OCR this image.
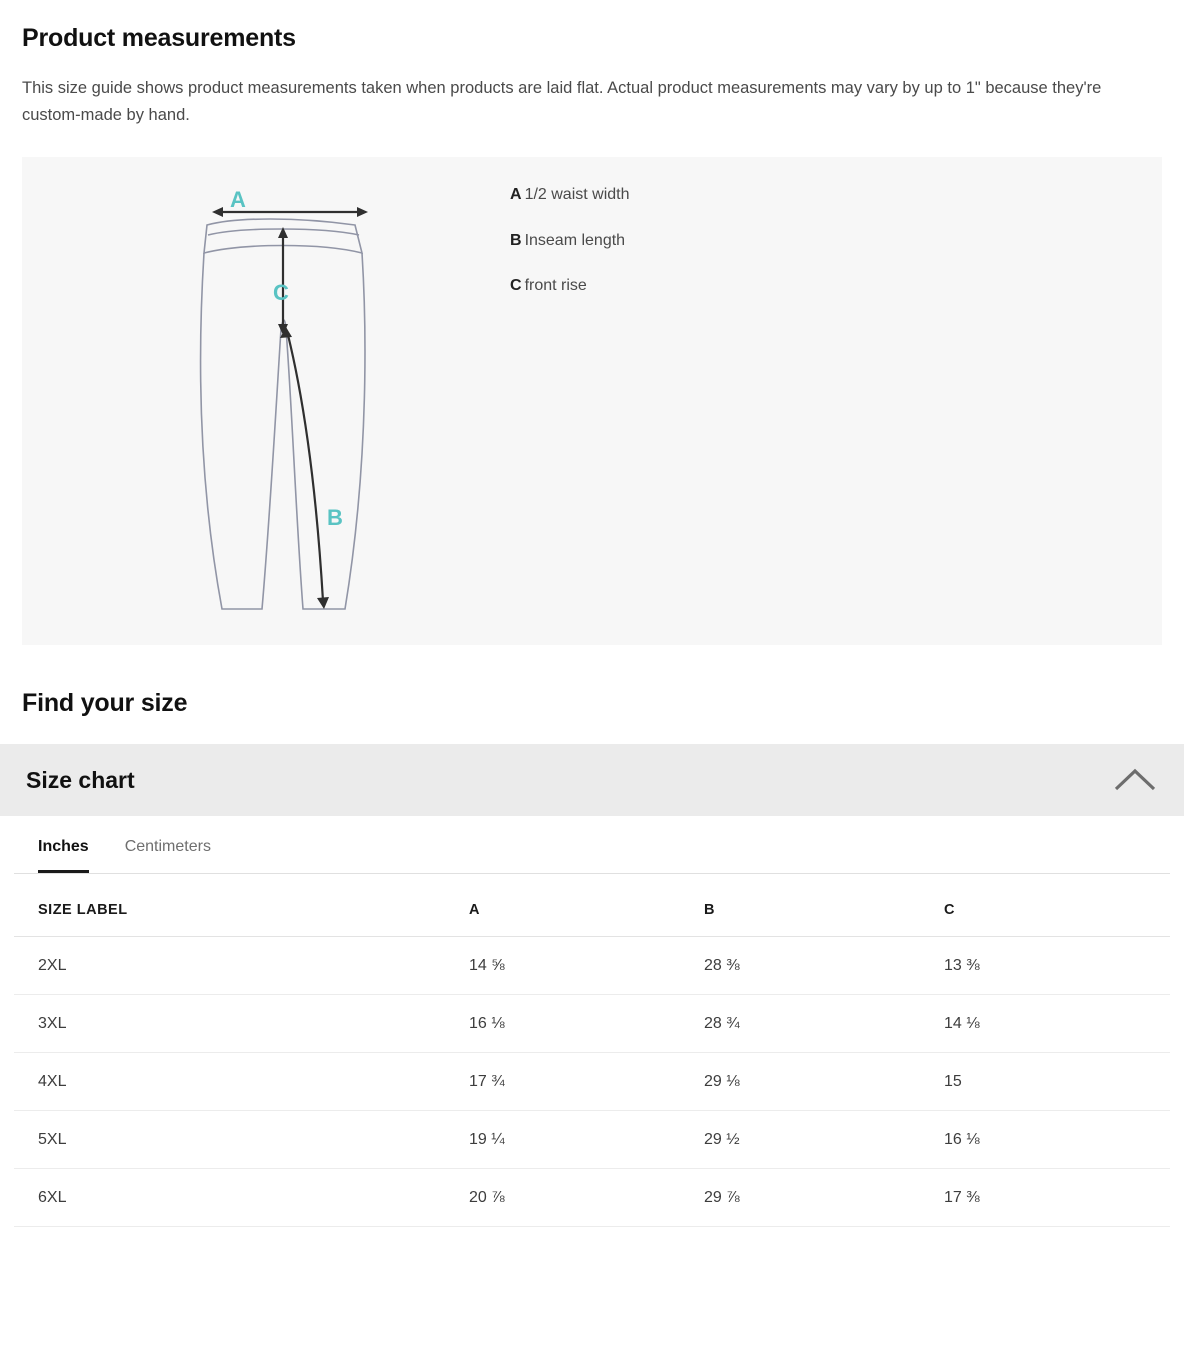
Product measurements

This size guide shows product measurements taken when products are laid flat. Actual product measurements may vary by up to 1" because they're custom-made by hand.

A
C
B
A 1/2 waist width
B Inseam length
C front rise
Find your size
Size chart
Inches Centimeters
SIZE LABEL	A	B	C
2XL	14 ⅝	28 ⅜	13 ⅜
3XL	16 ⅛	28 ¾	14 ⅛
4XL	17 ¾	29 ⅛	15
5XL	19 ¼	29 ½	16 ⅛
6XL	20 ⅞	29 ⅞	17 ⅜
